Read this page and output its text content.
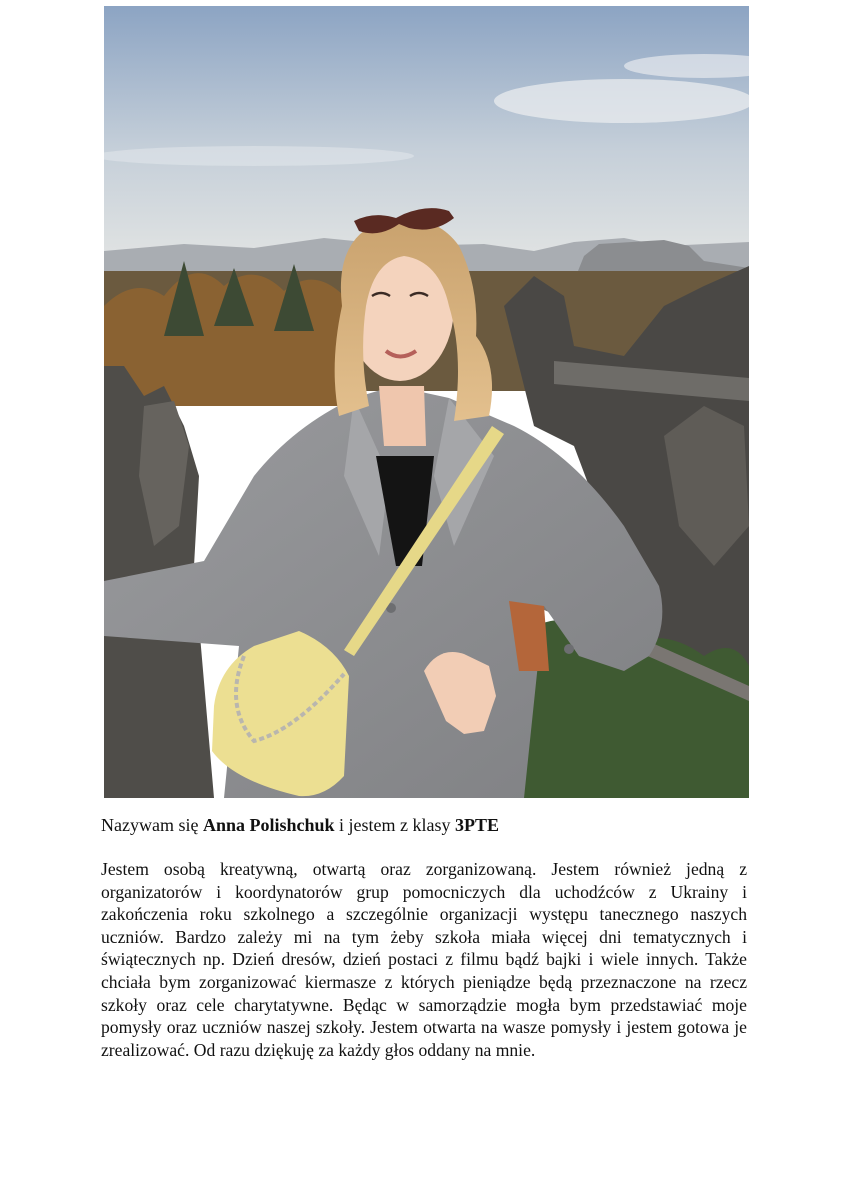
Nazywam się Anna Polishchuk i jestem z klasy 3PTE

Jestem osobą kreatywną, otwartą oraz zorganizowaną. Jestem również jedną z organizatorów i koordynatorów grup pomocniczych dla uchodźców z Ukrainy i zakończenia roku szkolnego a szczególnie organizacji występu tanecznego naszych uczniów. Bardzo zależy mi na tym żeby szkoła miała więcej dni tematycznych i świątecznych np. Dzień dresów, dzień postaci z filmu bądź bajki i wiele innych. Także chciała bym zorganizować kiermasze z których pieniądze będą przeznaczone na rzecz szkoły oraz cele charytatywne. Będąc w samorządzie mogła bym przedstawiać moje pomysły oraz uczniów naszej szkoły. Jestem otwarta na wasze pomysły i jestem gotowa je zrealizować. Od razu dziękuję za każdy głos oddany na mnie.
